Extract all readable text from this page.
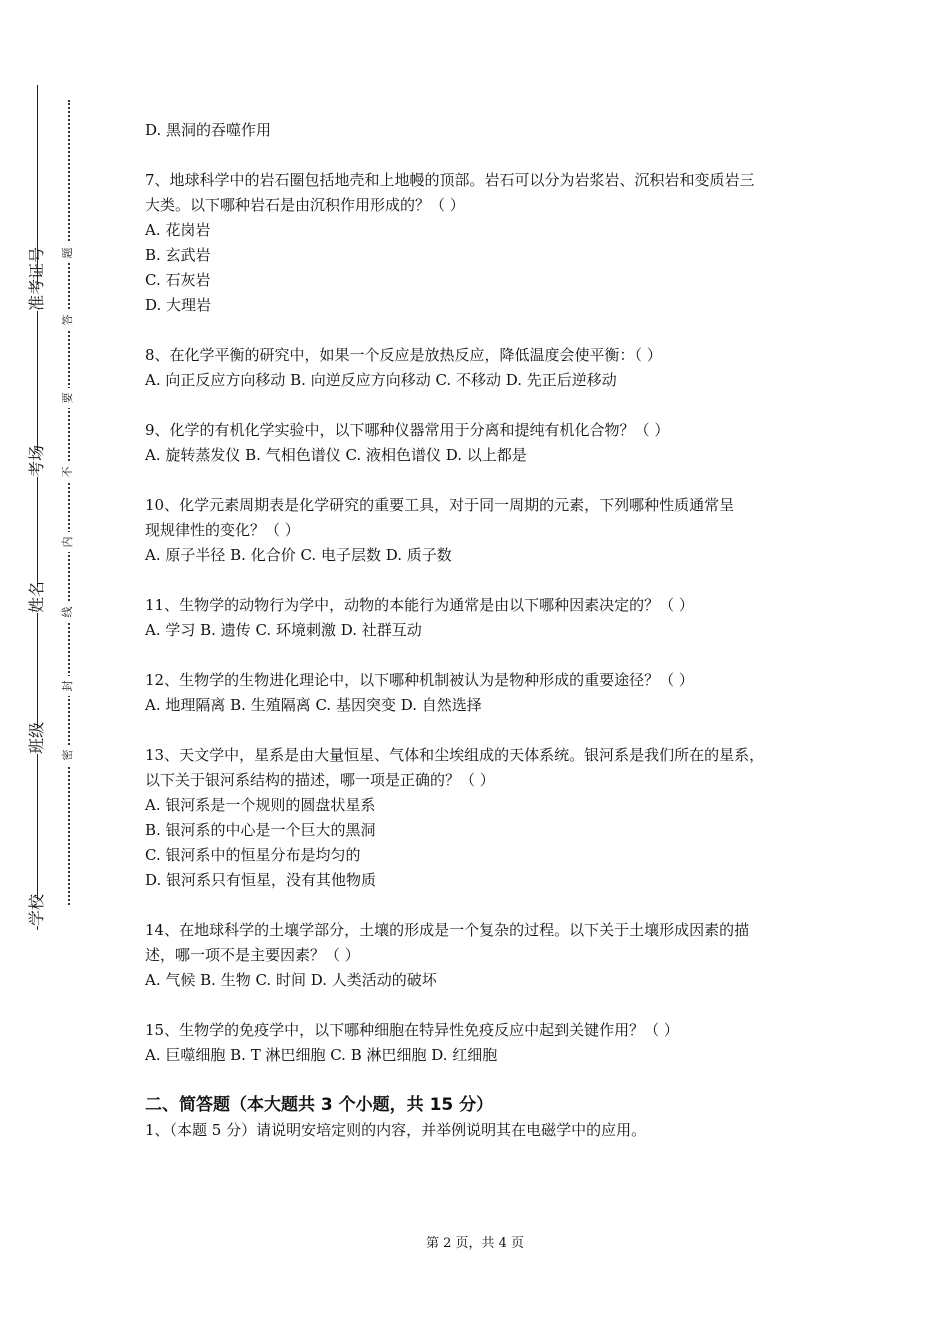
准考证号
考场
姓名
班级
学校
题
答
要
不
内
线
封
密
D. 黑洞的吞噬作用
7、地球科学中的岩石圈包括地壳和上地幔的顶部。岩石可以分为岩浆岩、沉积岩和变质岩三
大类。以下哪种岩石是由沉积作用形成的？（ ）
A. 花岗岩
B. 玄武岩
C. 石灰岩
D. 大理岩
8、在化学平衡的研究中，如果一个反应是放热反应，降低温度会使平衡：（ ）
A. 向正反应方向移动 B. 向逆反应方向移动 C. 不移动 D. 先正后逆移动
9、化学的有机化学实验中，以下哪种仪器常用于分离和提纯有机化合物？（ ）
A. 旋转蒸发仪 B. 气相色谱仪 C. 液相色谱仪 D. 以上都是
10、化学元素周期表是化学研究的重要工具，对于同一周期的元素，下列哪种性质通常呈
现规律性的变化？（ ）
A. 原子半径 B. 化合价 C. 电子层数 D. 质子数
11、生物学的动物行为学中，动物的本能行为通常是由以下哪种因素决定的？（ ）
A. 学习 B. 遗传 C. 环境刺激 D. 社群互动
12、生物学的生物进化理论中，以下哪种机制被认为是物种形成的重要途径？（ ）
A. 地理隔离 B. 生殖隔离 C. 基因突变 D. 自然选择
13、天文学中，星系是由大量恒星、气体和尘埃组成的天体系统。银河系是我们所在的星系，
以下关于银河系结构的描述，哪一项是正确的？（ ）
A. 银河系是一个规则的圆盘状星系
B. 银河系的中心是一个巨大的黑洞
C. 银河系中的恒星分布是均匀的
D. 银河系只有恒星，没有其他物质
14、在地球科学的土壤学部分，土壤的形成是一个复杂的过程。以下关于土壤形成因素的描
述，哪一项不是主要因素？（ ）
A. 气候 B. 生物 C. 时间 D. 人类活动的破坏
15、生物学的免疫学中，以下哪种细胞在特异性免疫反应中起到关键作用？（ ）
A. 巨噬细胞 B. T 淋巴细胞 C. B 淋巴细胞 D. 红细胞
二、简答题（本大题共 3 个小题，共 15 分）
1、（本题 5 分）请说明安培定则的内容，并举例说明其在电磁学中的应用。
第 2 页，共 4 页
